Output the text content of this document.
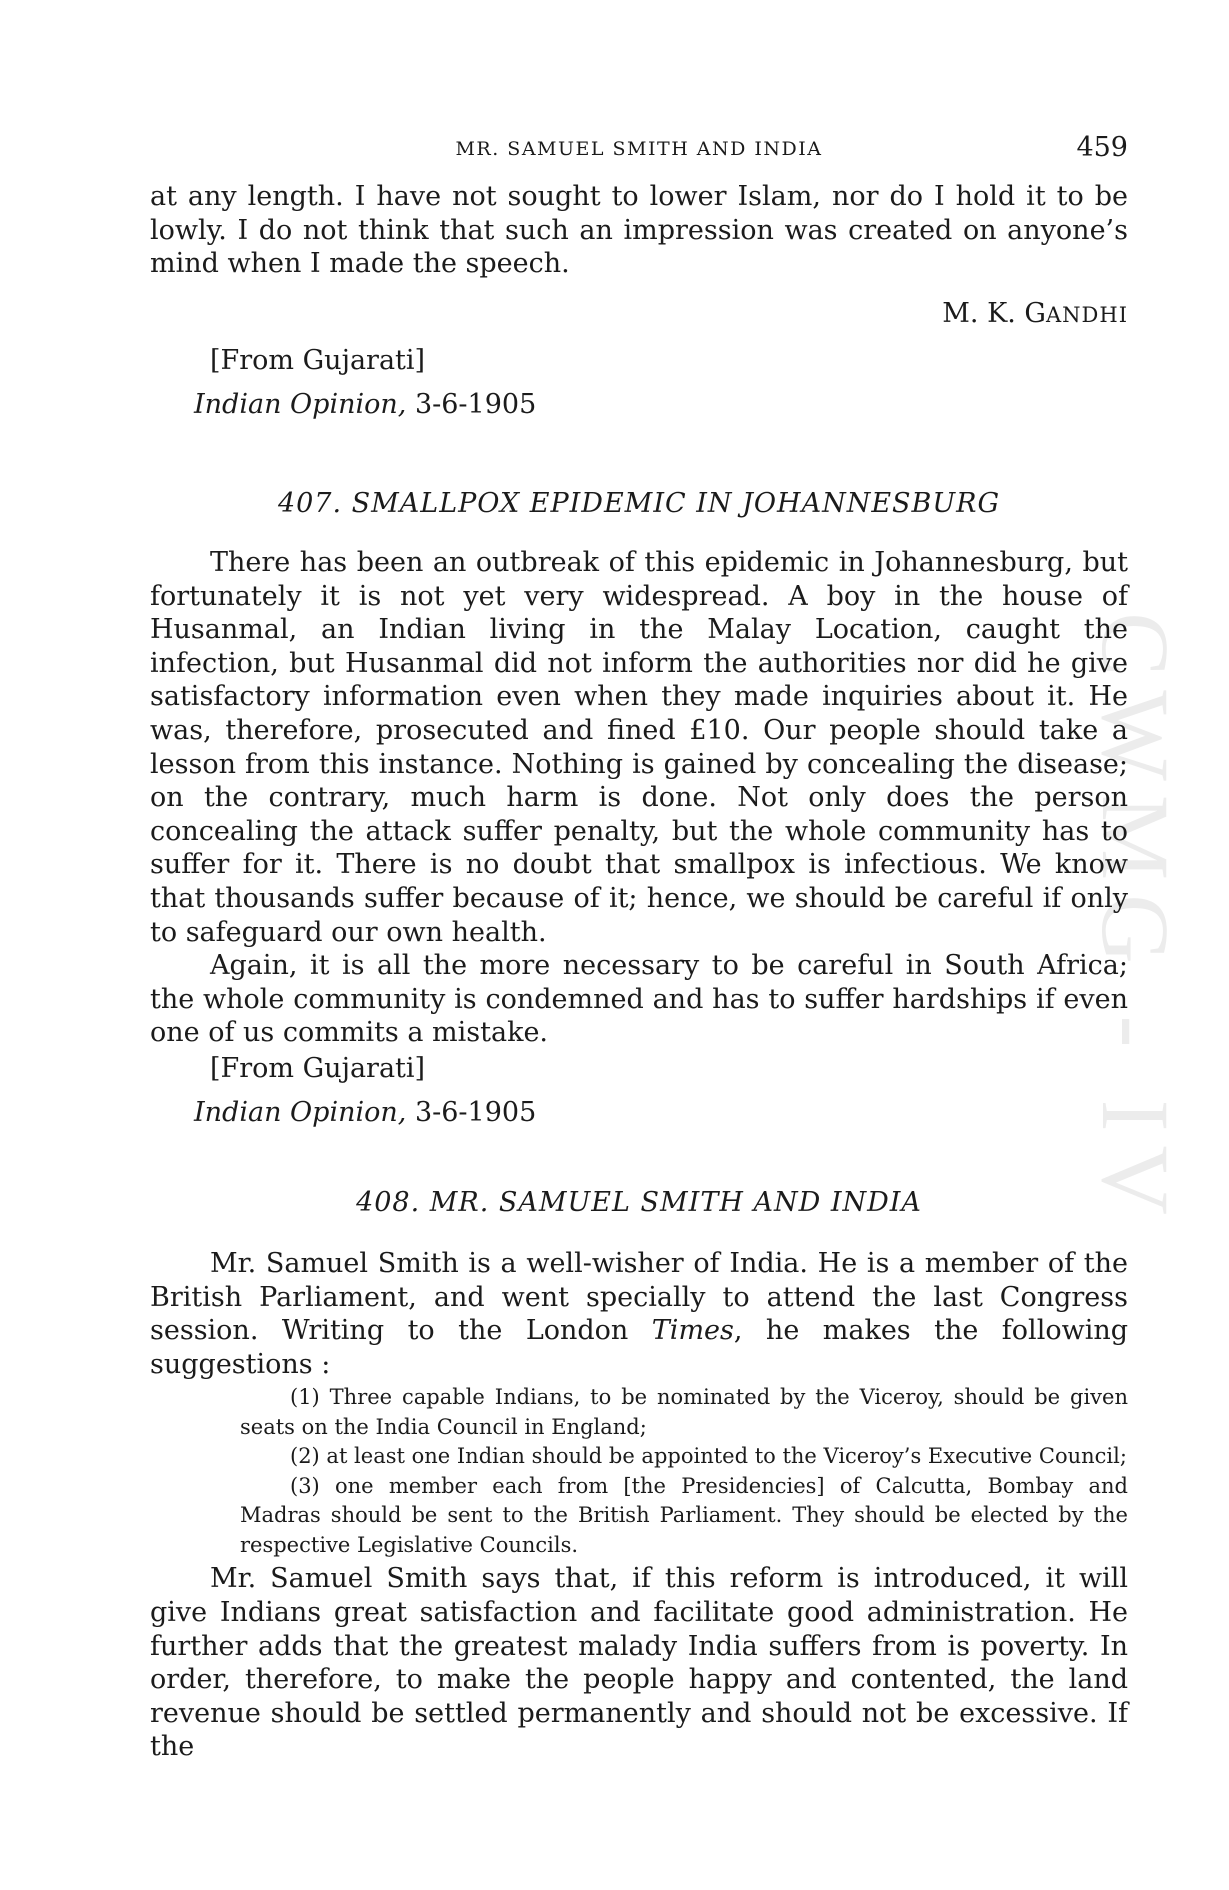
CWMG - IV
MR. SAMUEL SMITH AND INDIA	459

at any length. I have not sought to lower Islam, nor do I hold it to be lowly. I do not think that such an impression was created on anyone’s mind when I made the speech.

M. K. GANDHI
[From Gujarati]
Indian Opinion, 3-6-1905
407. SMALLPOX EPIDEMIC IN JOHANNESBURG

There has been an outbreak of this epidemic in Johannesburg, but fortunately it is not yet very widespread. A boy in the house of Husanmal, an Indian living in the Malay Location, caught the infection, but Husanmal did not inform the authorities nor did he give satisfactory information even when they made inquiries about it. He was, therefore, prosecuted and fined £10. Our people should take a lesson from this instance. Nothing is gained by concealing the disease; on the contrary, much harm is done. Not only does the person concealing the attack suffer penalty, but the whole community has to suffer for it. There is no doubt that smallpox is infectious. We know that thousands suffer because of it; hence, we should be careful if only to safeguard our own health.

Again, it is all the more necessary to be careful in South Africa; the whole community is condemned and has to suffer hardships if even one of us commits a mistake.

[From Gujarati]
Indian Opinion, 3-6-1905
408. MR. SAMUEL SMITH AND INDIA

Mr. Samuel Smith is a well-wisher of India. He is a member of the British Parliament, and went specially to attend the last Congress session. Writing to the London Times, he makes the following suggestions :

(1) Three capable Indians, to be nominated by the Viceroy, should be given seats on the India Council in England;
(2) at least one Indian should be appointed to the Viceroy’s Executive Council;
(3) one member each from [the Presidencies] of Calcutta, Bombay and Madras should be sent to the British Parliament. They should be elected by the respective Legislative Councils.

Mr. Samuel Smith says that, if this reform is introduced, it will give Indians great satisfaction and facilitate good administration. He further adds that the greatest malady India suffers from is poverty. In order, therefore, to make the people happy and contented, the land revenue should be settled permanently and should not be excessive. If the
